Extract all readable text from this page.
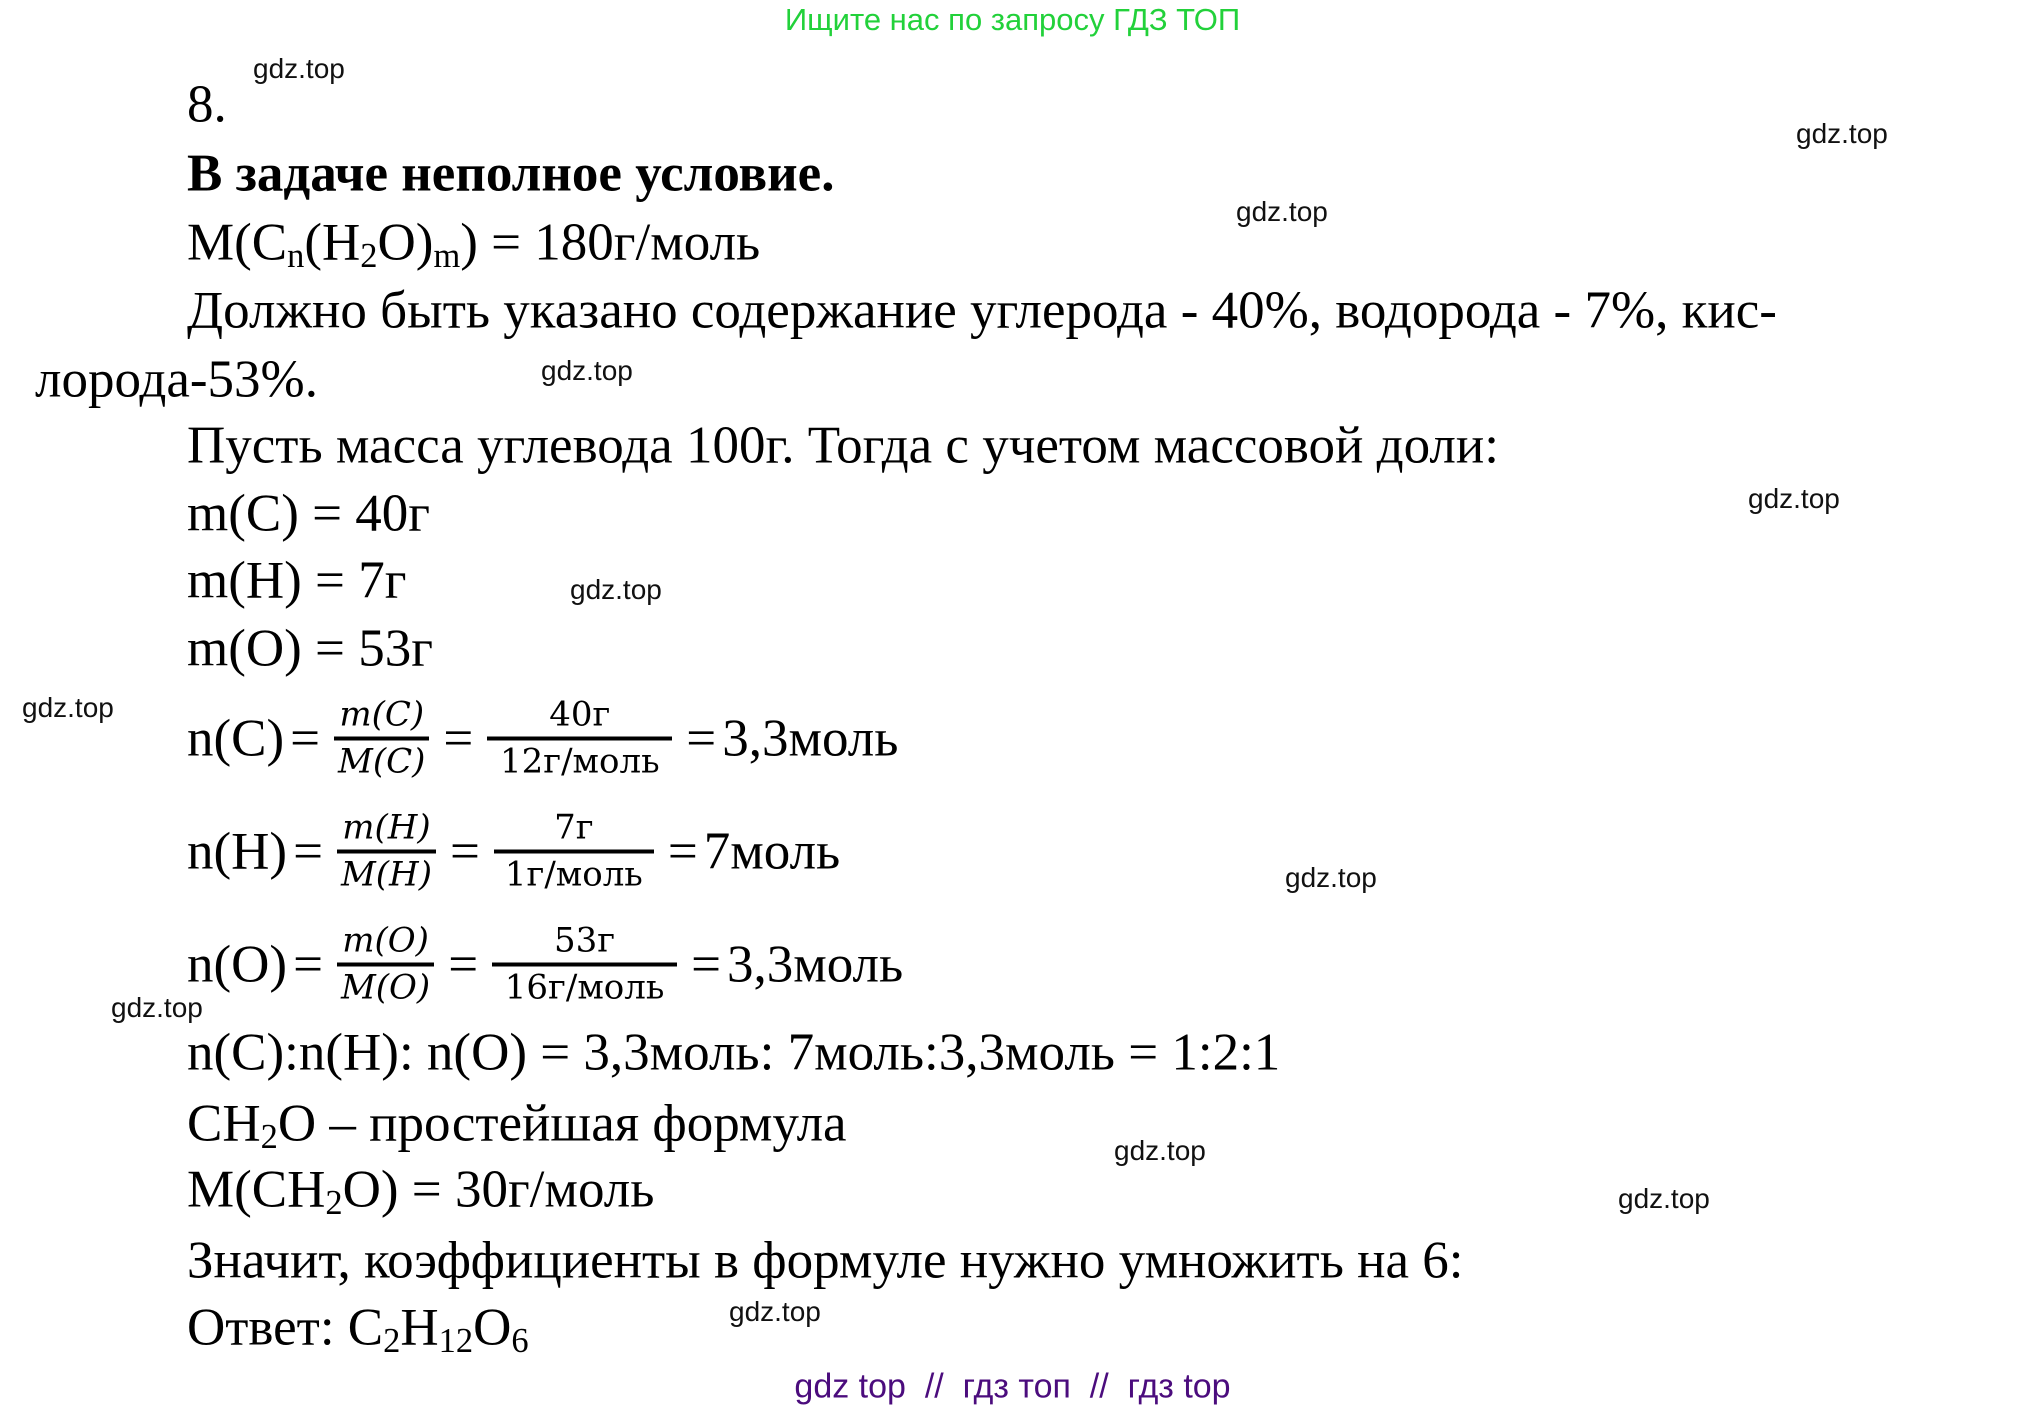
Ищите нас по запросу ГДЗ ТОП
gdz.top
gdz.top
gdz.top
gdz.top
gdz.top
gdz.top
gdz.top
gdz.top
gdz.top
gdz.top
gdz.top
gdz.top
8.
В задаче неполное условие.
$M(C_n(H_2O)_m)$ = 180г/моль
Должно быть указано содержание углерода - 40%, водорода - 7%, кис-
лорода-53%.
Пусть масса углевода 100г. Тогда с учетом массовой доли:
m(C) = 40г
m(H) = 7г
m(O) = 53г
$n(C) = \frac{m(C)}{M(C)} = \frac{40г}{\text{12г/моль}}$ = 3,3моль
$n(H) = \frac{m(H)}{M(H)} = \frac{7г}{\text{1г/моль}}$ = 7моль
$n(O) = \frac{m(O)}{M(O)} = \frac{53г}{\text{16г/моль}}$ = 3,3моль
n(C):n(H): n(O) = 3,3моль: 7моль:3,3моль = 1:2:1
$CH_2O$ – простейшая формула
$M(CH_2O)$ = 30г/моль
Значит, коэффициенты в формуле нужно умножить на 6:
Ответ: $C_2H_{12}O_6$
gdz top  //  гдз топ  //  гдз top
